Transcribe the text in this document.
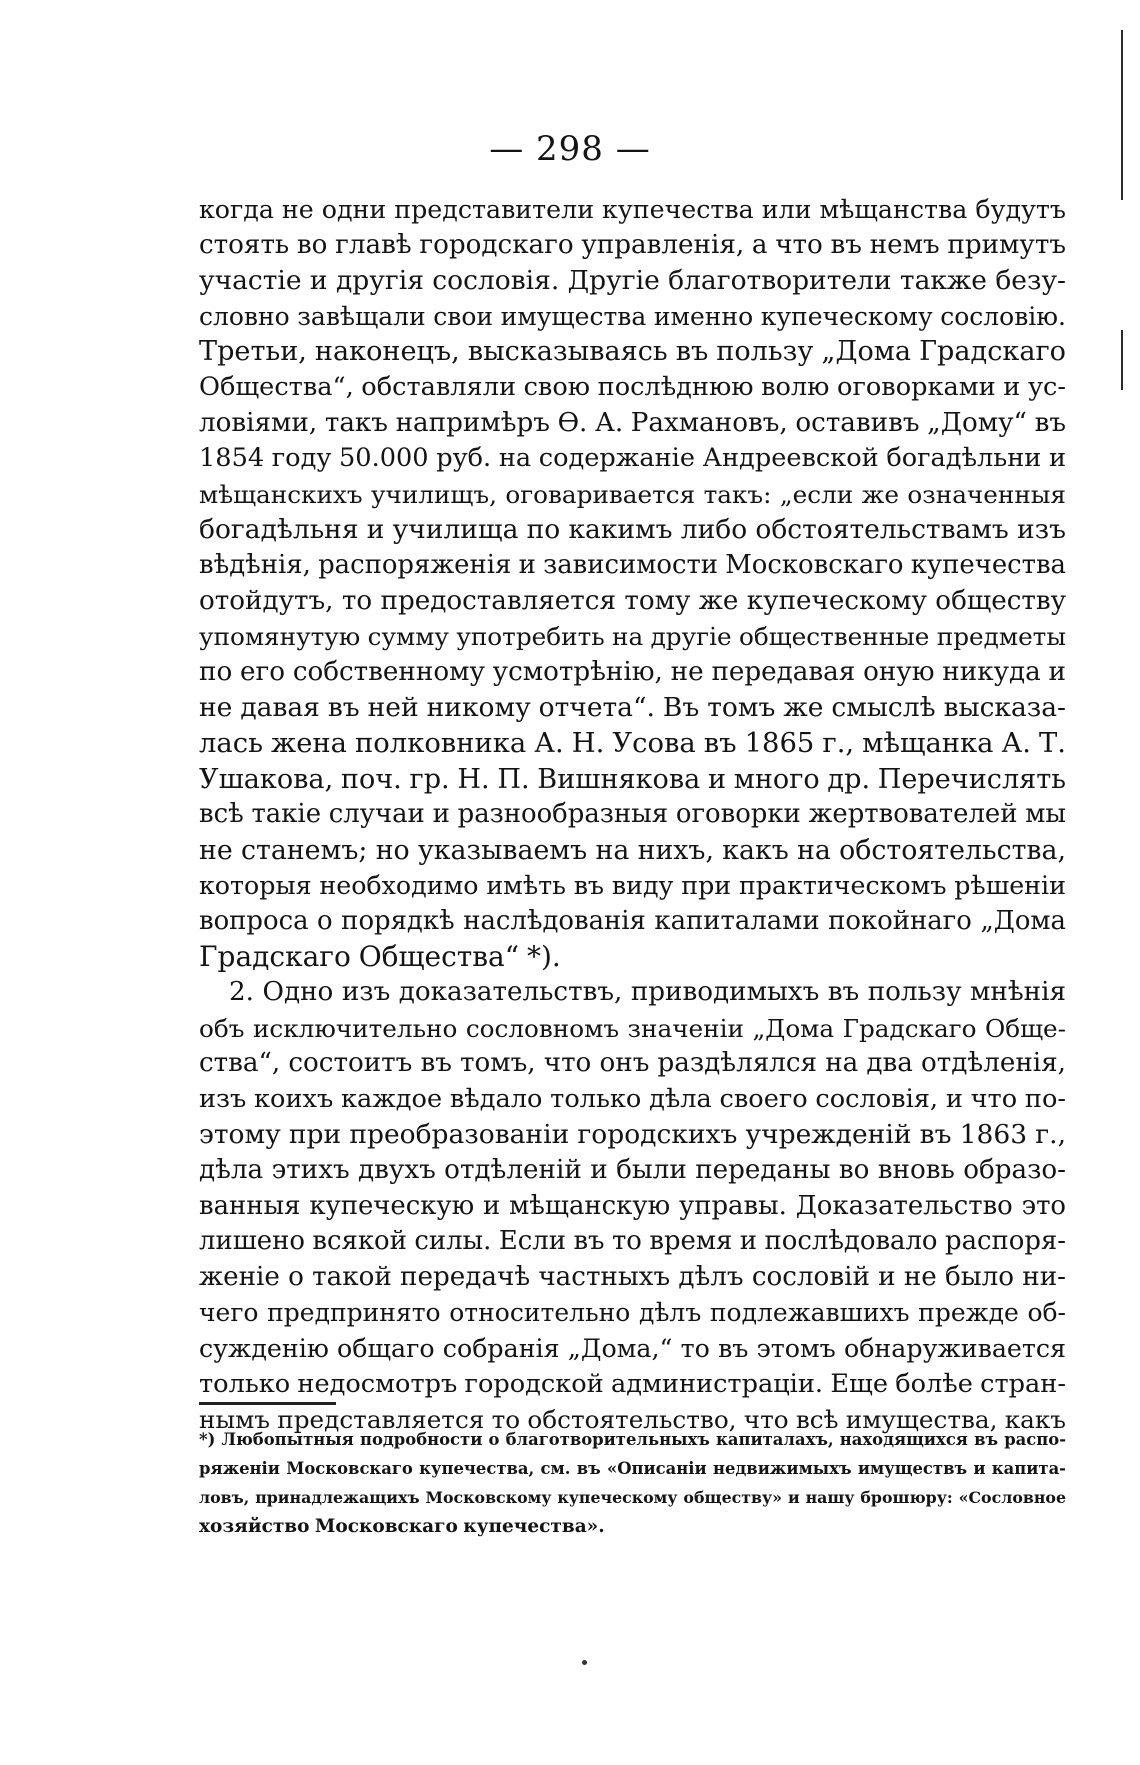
— 298 —
когда не одни представители купечества или мѣщанства будутъ
стоять во главѣ городскаго управленія, а что въ немъ примутъ
участіе и другія сословія. Другіе благотворители также безу-
словно завѣщали свои имущества именно купеческому сословію.
Третьи, наконецъ, высказываясь въ пользу „Дома Градскаго
Общества“, обставляли свою послѣднюю волю оговорками и ус-
ловіями, такъ напримѣръ Ѳ. А. Рахмановъ, оставивъ „Дому“ въ
1854 году 50.000 руб. на содержаніе Андреевской богадѣльни и
мѣщанскихъ училищъ, оговаривается такъ: „если же означенныя
богадѣльня и училища по какимъ либо обстоятельствамъ изъ
вѣдѣнія, распоряженія и зависимости Московскаго купечества
отойдутъ, то предоставляется тому же купеческому обществу
упомянутую сумму употребить на другіе общественные предметы
по его собственному усмотрѣнію, не передавая оную никуда и
не давая въ ней никому отчета“. Въ томъ же смыслѣ высказа-
лась жена полковника А. Н. Усова въ 1865 г., мѣщанка А. Т.
Ушакова, поч. гр. Н. П. Вишнякова и много др. Перечислять
всѣ такіе случаи и разнообразныя оговорки жертвователей мы
не станемъ; но указываемъ на нихъ, какъ на обстоятельства,
которыя необходимо имѣть въ виду при практическомъ рѣшеніи
вопроса о порядкѣ наслѣдованія капиталами покойнаго „Дома
Градскаго Общества“ *).
2. Одно изъ доказательствъ, приводимыхъ въ пользу мнѣнія
объ исключительно сословномъ значеніи „Дома Градскаго Обще-
ства“, состоитъ въ томъ, что онъ раздѣлялся на два отдѣленія,
изъ коихъ каждое вѣдало только дѣла своего сословія, и что по-
этому при преобразованіи городскихъ учрежденій въ 1863 г.,
дѣла этихъ двухъ отдѣленій и были переданы во вновь образо-
ванныя купеческую и мѣщанскую управы. Доказательство это
лишено всякой силы. Если въ то время и послѣдовало распоря-
женіе о такой передачѣ частныхъ дѣлъ сословій и не было ни-
чего предпринято относительно дѣлъ подлежавшихъ прежде об-
сужденію общаго собранія „Дома,“ то въ этомъ обнаруживается
только недосмотръ городской администраціи. Еще болѣе стран-
нымъ представляется то обстоятельство, что всѣ имущества, какъ
*) Любопытныя подробности о благотворительныхъ капиталахъ, находящихся въ распо-
ряженіи Московскаго купечества, см. въ «Описаніи недвижимыхъ имуществъ и капита-
ловъ, принадлежащихъ Московскому купеческому обществу» и нашу брошюру: «Сословное
хозяйство Московскаго купечества».
